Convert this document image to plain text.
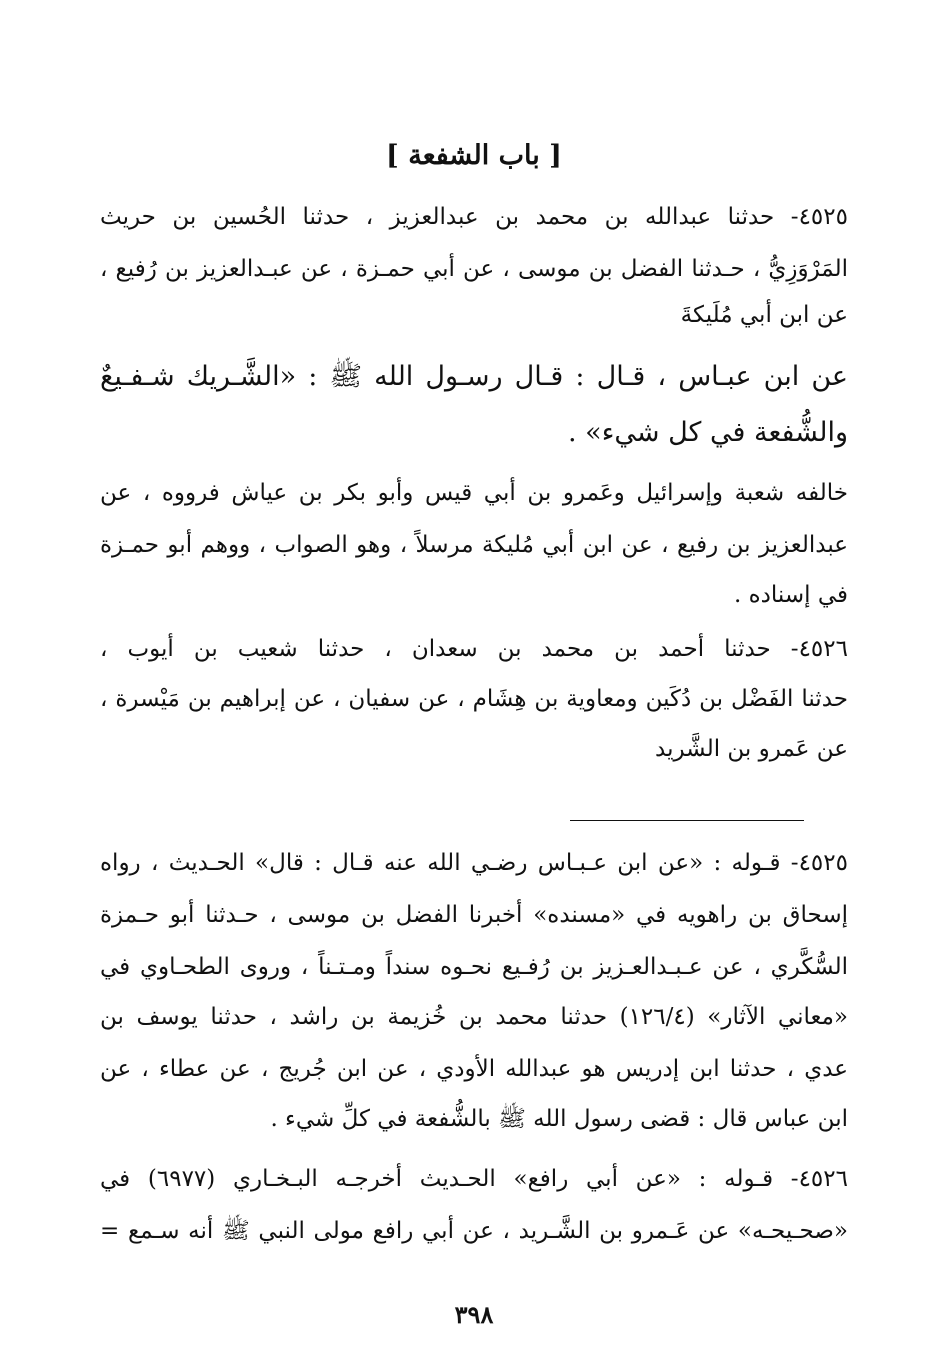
[ باب الشفعة ]
٤٥٢٥- حدثنا عبدالله بن محمد بن عبدالعزيز ، حدثنا الحُسين بن حريث
المَرْوَزِيُّ ، حـدثنا الفضل بن موسى ، عن أبي حمـزة ، عن عبـدالعزيز بن رُفيع ،
عن ابن أبي مُلَيكةَ
عن ابن عبـاس ، قـال : قـال رسـول الله ﷺ : «الشَّـريك شـفـيعٌ
والشُّفعة في كل شيء» .
خالفه شعبة وإسرائيل وعَمرو بن أبي قيس وأبو بكر بن عياش فرووه ، عن
عبدالعزيز بن رفيع ، عن ابن أبي مُليكة مرسلاً ، وهو الصواب ، ووهم أبو حمـزة
في إسناده .
٤٥٢٦- حدثنا أحمد بن محمد بن سعدان ، حدثنا شعيب بن أيوب ،
حدثنا الفَضْل بن دُكَين ومعاوية بن هِشَام ، عن سفيان ، عن إبراهيم بن مَيْسرة ،
عن عَمرو بن الشَّريد
٤٥٢٥- قـوله : «عن ابن عـبـاس رضـي الله عنه قـال : قال» الحـديث ، رواه
إسحاق بن راهويه في «مسنده» أخبرنا الفضل بن موسى ، حـدثنا أبو حـمزة
السُّكَّري ، عن عـبـدالعـزيز بن رُفـيع نحـوه سنداً ومـتـناً ، وروى الطحـاوي في
«معاني الآثار» (١٢٦/٤) حدثنا محمد بن خُزيمة بن راشد ، حدثنا يوسف بن
عدي ، حدثنا ابن إدريس هو عبدالله الأودي ، عن ابن جُريج ، عن عطاء ، عن
ابن عباس قال : قضى رسول الله ﷺ بالشُّفعة في كلِّ شيء .
٤٥٢٦- قـوله : «عن أبي رافع» الحـديث أخرجـه البـخـاري (٦٩٧٧) في
«صحـيحـه» عن عَـمرو بن الشَّـريد ، عن أبي رافع مولى النبي ﷺ أنه سـمع =
٣٩٨
